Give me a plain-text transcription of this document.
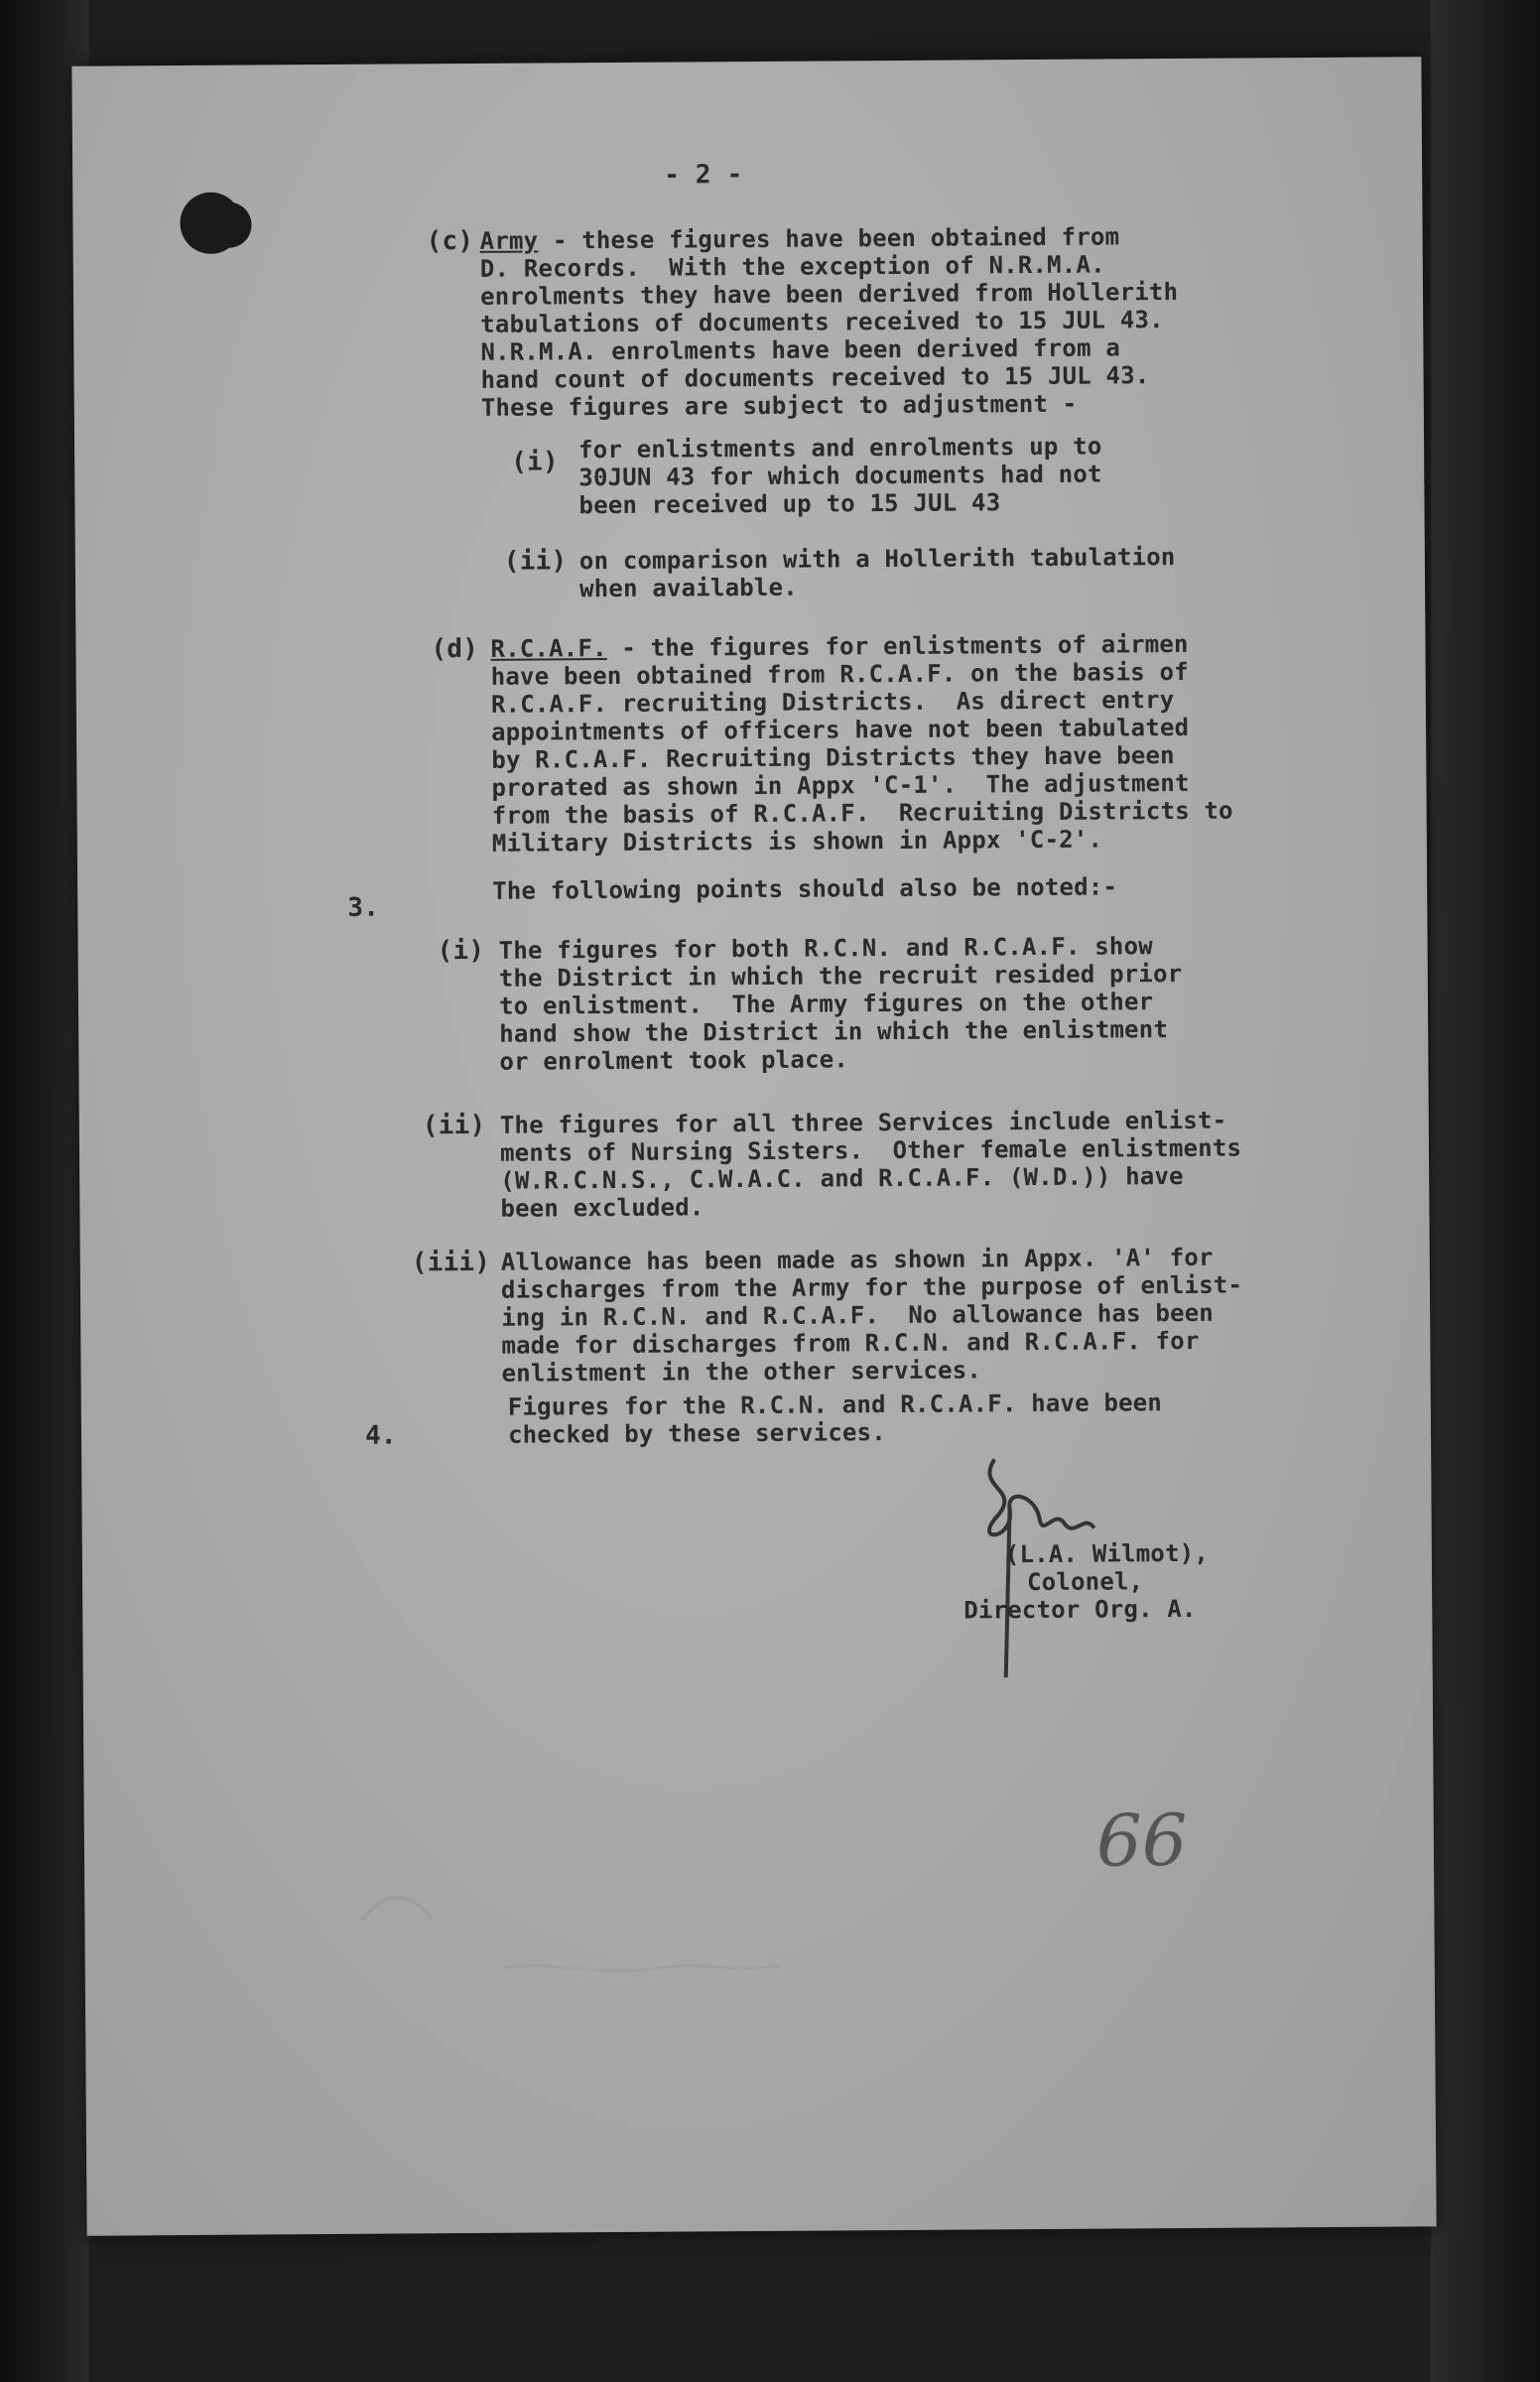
- 2 -
(c) Army - these figures have been obtained from
D. Records.  With the exception of N.R.M.A.
enrolments they have been derived from Hollerith
tabulations of documents received to 15 JUL 43.
N.R.M.A. enrolments have been derived from a
hand count of documents received to 15 JUL 43.
These figures are subject to adjustment -
(i) for enlistments and enrolments up to
30JUN 43 for which documents had not
been received up to 15 JUL 43
(ii) on comparison with a Hollerith tabulation
when available.
(d) R.C.A.F. - the figures for enlistments of airmen
have been obtained from R.C.A.F. on the basis of
R.C.A.F. recruiting Districts.  As direct entry
appointments of officers have not been tabulated
by R.C.A.F. Recruiting Districts they have been
prorated as shown in Appx 'C-1'.  The adjustment
from the basis of R.C.A.F.  Recruiting Districts to
Military Districts is shown in Appx 'C-2'.
3.
The following points should also be noted:-
(i) The figures for both R.C.N. and R.C.A.F. show
the District in which the recruit resided prior
to enlistment.  The Army figures on the other
hand show the District in which the enlistment
or enrolment took place.
(ii) The figures for all three Services include enlist-
ments of Nursing Sisters.  Other female enlistments
(W.R.C.N.S., C.W.A.C. and R.C.A.F. (W.D.)) have
been excluded.
(iii) Allowance has been made as shown in Appx. 'A' for
discharges from the Army for the purpose of enlist-
ing in R.C.N. and R.C.A.F.  No allowance has been
made for discharges from R.C.N. and R.C.A.F. for
enlistment in the other services.
4.
Figures for the R.C.N. and R.C.A.F. have been
checked by these services.
(L.A. Wilmot),
Colonel,
Director Org. A.
66
